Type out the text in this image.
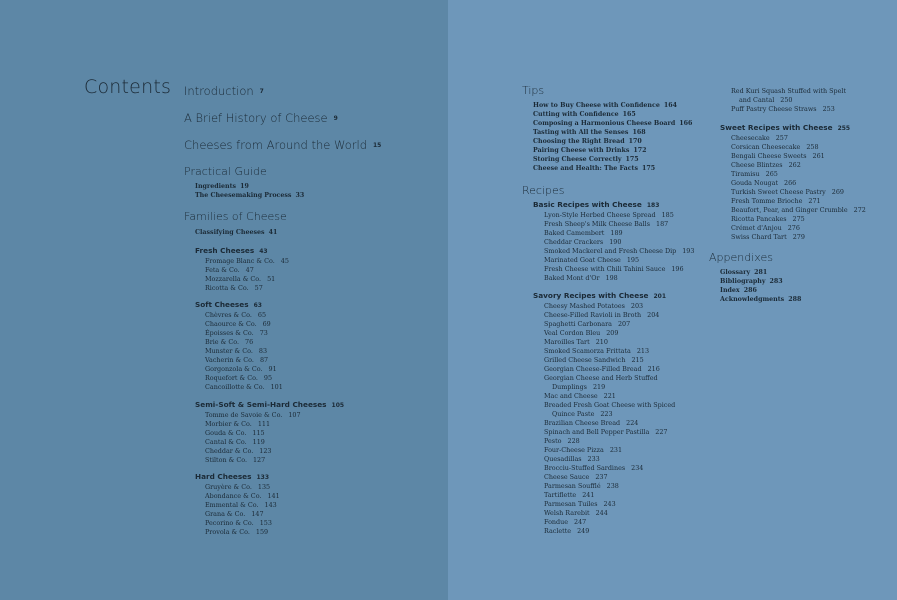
Contents Introduction 7
A Brief History of Cheese 9
Cheeses from Around the World 15
Practical Guide
Ingredients 19
The Cheesemaking Process 33
Families of Cheese
Classifying Cheeses 41
Fresh Cheeses 43
Fromage Blanc & Co. 45
Feta & Co. 47
Mozzarella & Co. 51
Ricotta & Co. 57
Soft Cheeses 63
Chèvres & Co. 65
Chaource & Co. 69
Époisses & Co. 73
Brie & Co. 76
Munster & Co. 83
Vacherin & Co. 87
Gorgonzola & Co. 91
Roquefort & Co. 95
Cancoillotte & Co. 101
Semi-Soft & Semi-Hard Cheeses 105
Tomme de Savoie & Co. 107
Morbier & Co. 111
Gouda & Co. 115
Cantal & Co. 119
Cheddar & Co. 123
Stilton & Co. 127
Hard Cheeses 133
Gruyère & Co. 135
Abondance & Co. 141
Emmental & Co. 143
Grana & Co. 147
Pecorino & Co. 153
Provola & Co. 159
Tips
How to Buy Cheese with Confidence 164
Cutting with Confidence 165
Composing a Harmonious Cheese Board 166
Tasting with All the Senses 168
Choosing the Right Bread 170
Pairing Cheese with Drinks 172
Storing Cheese Correctly 175
Cheese and Health: The Facts 175
Recipes
Basic Recipes with Cheese 183
Lyon-Style Herbed Cheese Spread 185
Fresh Sheep's Milk Cheese Balls 187
Baked Camembert 189
Cheddar Crackers 190
Smoked Mackerel and Fresh Cheese Dip 193
Marinated Goat Cheese 195
Fresh Cheese with Chili Tahini Sauce 196
Baked Mont d'Or 198
Savory Recipes with Cheese 201
Cheesy Mashed Potatoes 203
Cheese-Filled Ravioli in Broth 204
Spaghetti Carbonara 207
Veal Cordon Bleu 209
Maroilles Tart 210
Smoked Scamorza Frittata 213
Grilled Cheese Sandwich 215
Georgian Cheese-Filled Bread 216
Georgian Cheese and Herb Stuffed
Dumplings 219
Mac and Cheese 221
Breaded Fresh Goat Cheese with Spiced
Quince Paste 223
Brazilian Cheese Bread 224
Spinach and Bell Pepper Pastilla 227
Pesto 228
Four-Cheese Pizza 231
Quesadillas 233
Brocciu-Stuffed Sardines 234
Cheese Sauce 237
Parmesan Soufflé 238
Tartiflette 241
Parmesan Tuiles 243
Welsh Rarebit 244
Fondue 247
Raclette 249
Red Kuri Squash Stuffed with Spelt
and Cantal 250
Puff Pastry Cheese Straws 253
Sweet Recipes with Cheese 255
Cheesecake 257
Corsican Cheesecake 258
Bengali Cheese Sweets 261
Cheese Blintzes 262
Tiramisu 265
Gouda Nougat 266
Turkish Sweet Cheese Pastry 269
Fresh Tomme Brioche 271
Beaufort, Pear, and Ginger Crumble 272
Ricotta Pancakes 275
Crémet d'Anjou 276
Swiss Chard Tart 279
Appendixes
Glossary 281
Bibliography 283
Index 286
Acknowledgments 288
